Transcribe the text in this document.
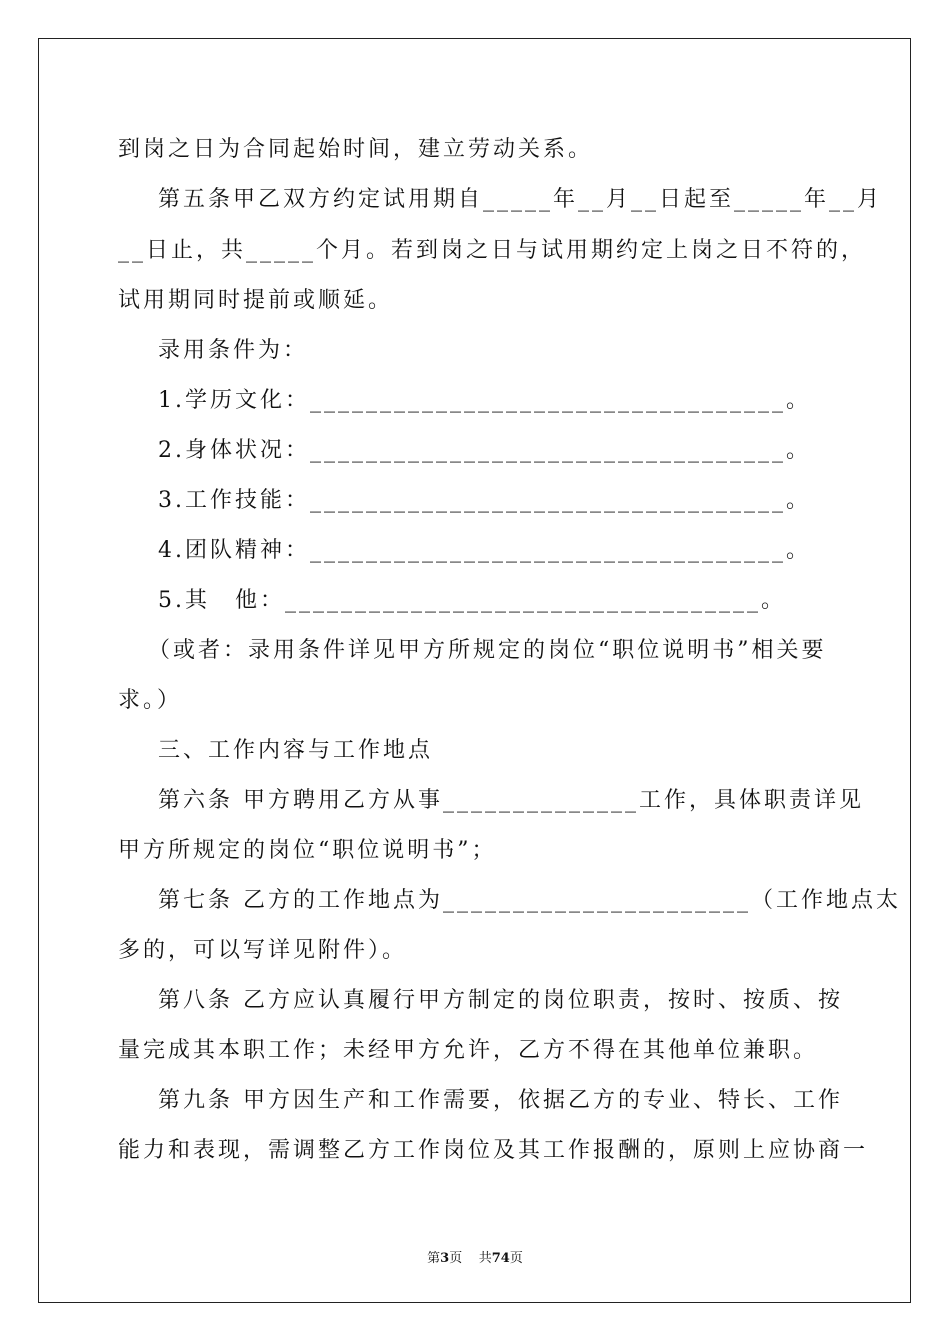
到岗之日为合同起始时间，建立劳动关系。
第五条甲乙双方约定试用期自_____年__月__日起至_____年__月
__日止，共_____个月。若到岗之日与试用期约定上岗之日不符的，
试用期同时提前或顺延。
录用条件为：
1.学历文化：__________________________________。
2.身体状况：__________________________________。
3.工作技能：__________________________________。
4.团队精神：__________________________________。
5.其　他：__________________________________。
（或者：录用条件详见甲方所规定的岗位“职位说明书”相关要
求。）
三、工作内容与工作地点
第六条 甲方聘用乙方从事______________工作，具体职责详见
甲方所规定的岗位“职位说明书”；
第七条 乙方的工作地点为______________________（工作地点太
多的，可以写详见附件）。
第八条 乙方应认真履行甲方制定的岗位职责，按时、按质、按
量完成其本职工作；未经甲方允许，乙方不得在其他单位兼职。
第九条 甲方因生产和工作需要，依据乙方的专业、特长、工作
能力和表现，需调整乙方工作岗位及其工作报酬的，原则上应协商一
第3页 共74页
